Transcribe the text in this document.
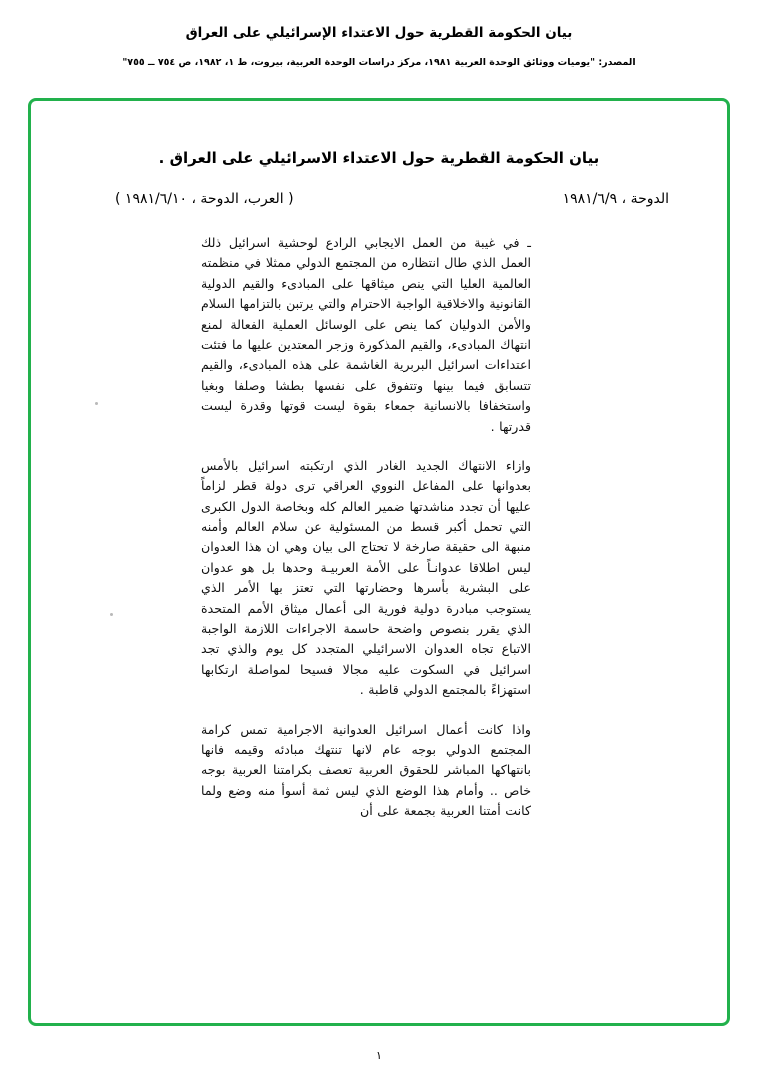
بيان الحكومة القطرية حول الاعتداء الإسرائيلي على العراق
المصدر: "يوميات ووثائق الوحدة العربية ١٩٨١، مركز دراسات الوحدة العربية، بيروت، ط ١، ١٩٨٢، ص ٧٥٤ ــ ٧٥٥"
بيان الحكومة القطرية حول الاعتداء الاسرائيلي على العراق .
الدوحة ، ١٩٨١/٦/٩
( العرب، الدوحة ، ١٩٨١/٦/١٠ )

ـ في غيبة من العمل الايجابي الرادع لوحشية اسرائيل ذلك العمل الذي طال انتظاره من المجتمع الدولي ممثلا في منظمته العالمية العليا التي ينص ميثاقها على المبادىء والقيم الدولية القانونية والاخلاقية الواجبة الاحترام والتي يرتبن بالتزامها السلام والأمن الدوليان كما ينص على الوسائل العملية الفعالة لمنع انتهاك المبادىء، والقيم المذكورة وزجر المعتدين عليها ما فتئت اعتداءات اسرائيل البربرية الغاشمة على هذه المبادىء، والقيم تتسابق فيما بينها وتتفوق على نفسها بطشا وصلفا وبغيا واستخفافا بالانسانية جمعاء بقوة ليست قوتها وقدرة ليست قدرتها .

وازاء الانتهاك الجديد الغادر الذي ارتكبته اسرائيل بالأمس بعدوانها على المفاعل النووي العراقي ترى دولة قطر لزاماً عليها أن تجدد مناشدتها ضمير العالم كله وبخاصة الدول الكبرى التي تحمل أكبر قسط من المسئولية عن سلام العالم وأمنه منبهة الى حقيقة صارخة لا تحتاج الى بيان وهي ان هذا العدوان ليس اطلاقا عدوانـاً على الأمة العربيـة وحدها بل هو عدوان على البشرية بأسرها وحضارتها التي تعتز بها الأمر الذي يستوجب مبادرة دولية فورية الى أعمال ميثاق الأمم المتحدة الذي يقرر بنصوص واضحة حاسمة الاجراءات اللازمة الواجبة الاتباع تجاه العدوان الاسرائيلي المتجدد كل يوم والذي تجد اسرائيل في السكوت عليه مجالا فسيحا لمواصلة ارتكابها استهزاءً بالمجتمع الدولي قاطبة .

واذا كانت أعمال اسرائيل العدوانية الاجرامية تمس كرامة المجتمع الدولي بوجه عام لانها تنتهك مبادئه وقيمه فانها بانتهاكها المباشر للحقوق العربية تعصف بكرامتنا العربية بوجه خاص .. وأمام هذا الوضع الذي ليس ثمة أسوأ منه وضع ولما كانت أمتنا العربية بجمعة على أن

١
